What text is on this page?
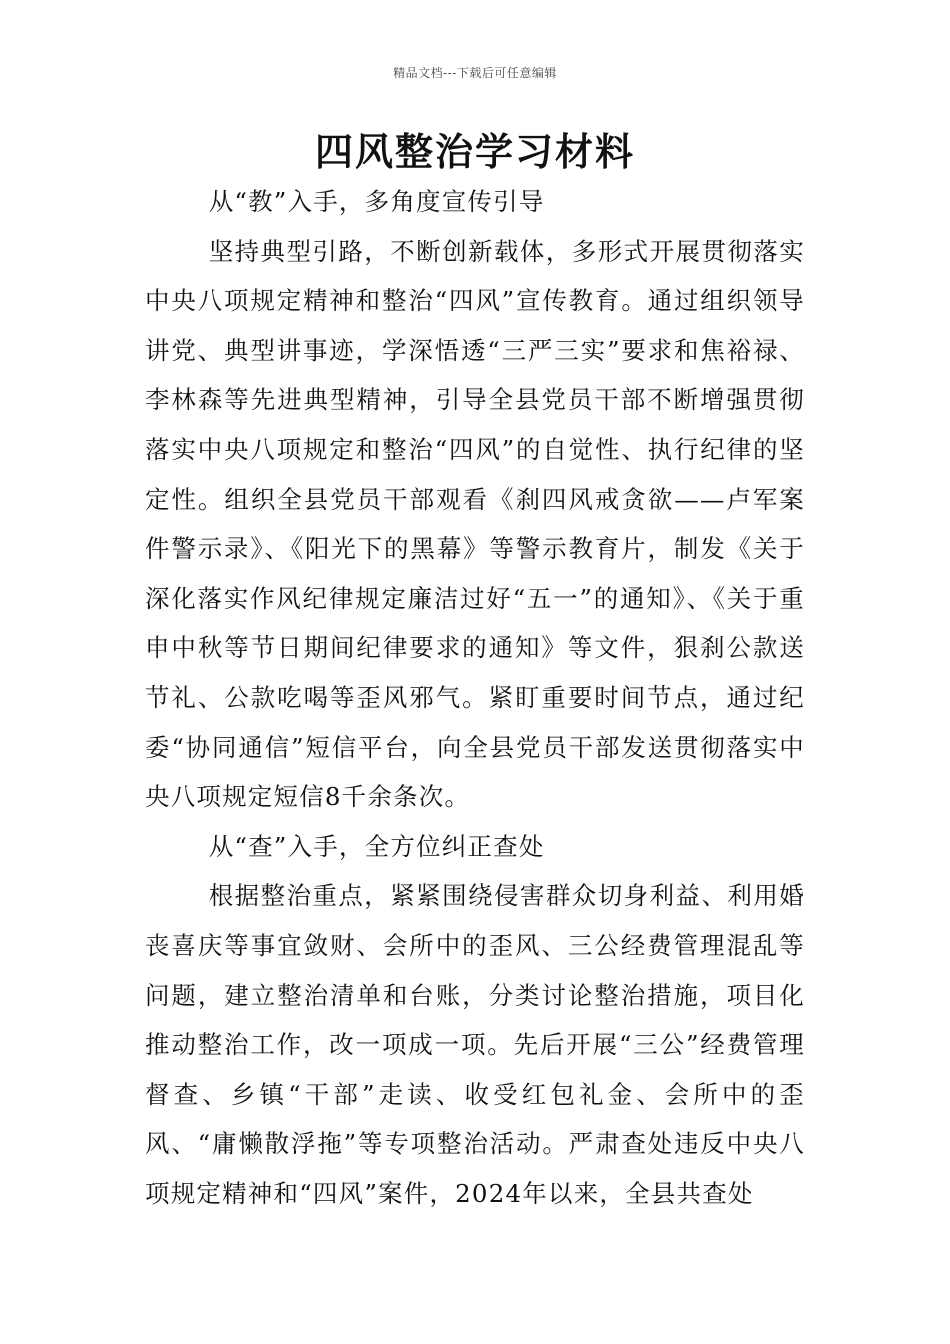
精品文档---下载后可任意编辑
四风整治学习材料

从“教”入手，多角度宣传引导

坚持典型引路，不断创新载体，多形式开展贯彻落实中央八项规定精神和整治“四风”宣传教育。通过组织领导讲党、典型讲事迹，学深悟透“三严三实”要求和焦裕禄、李林森等先进典型精神，引导全县党员干部不断增强贯彻落实中央八项规定和整治“四风”的自觉性、执行纪律的坚定性。组织全县党员干部观看《刹四风戒贪欲——卢军案件警示录》、《阳光下的黑幕》等警示教育片，制发《关于深化落实作风纪律规定廉洁过好“五一”的通知》、《关于重申中秋等节日期间纪律要求的通知》等文件，狠刹公款送节礼、公款吃喝等歪风邪气。紧盯重要时间节点，通过纪委“协同通信”短信平台，向全县党员干部发送贯彻落实中央八项规定短信8千余条次。

从“查”入手，全方位纠正查处

根据整治重点，紧紧围绕侵害群众切身利益、利用婚丧喜庆等事宜敛财、会所中的歪风、三公经费管理混乱等问题，建立整治清单和台账，分类讨论整治措施，项目化推动整治工作，改一项成一项。先后开展“三公”经费管理督查、乡镇“干部”走读、收受红包礼金、会所中的歪风、“庸懒散浮拖”等专项整治活动。严肃查处违反中央八项规定精神和“四风”案件，2024年以来，全县共查处
